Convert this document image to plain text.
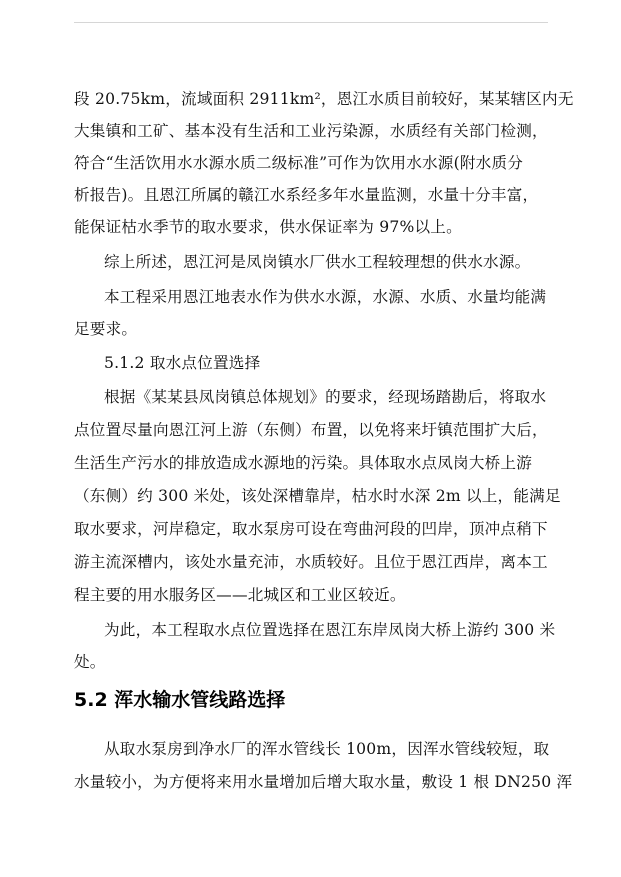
段 20.75km，流域面积 2911km²，恩江水质目前较好，某某辖区内无
大集镇和工矿、基本没有生活和工业污染源，水质经有关部门检测，
符合“生活饮用水水源水质二级标准”可作为饮用水水源(附水质分
析报告)。且恩江所属的赣江水系经多年水量监测，水量十分丰富，
能保证枯水季节的取水要求，供水保证率为 97%以上。
综上所述，恩江河是凤岗镇水厂供水工程较理想的供水水源。
本工程采用恩江地表水作为供水水源，水源、水质、水量均能满
足要求。
5.1.2 取水点位置选择
根据《某某县凤岗镇总体规划》的要求，经现场踏勘后，将取水
点位置尽量向恩江河上游（东侧）布置，以免将来圩镇范围扩大后，
生活生产污水的排放造成水源地的污染。具体取水点凤岗大桥上游
（东侧）约 300 米处，该处深槽靠岸，枯水时水深 2m 以上，能满足
取水要求，河岸稳定，取水泵房可设在弯曲河段的凹岸，顶冲点稍下
游主流深槽内，该处水量充沛，水质较好。且位于恩江西岸，离本工
程主要的用水服务区——北城区和工业区较近。
为此，本工程取水点位置选择在恩江东岸凤岗大桥上游约 300 米
处。
5.2 浑水输水管线路选择
从取水泵房到净水厂的浑水管线长 100m，因浑水管线较短，取
水量较小，为方便将来用水量增加后增大取水量，敷设 1 根 DN250 浑
